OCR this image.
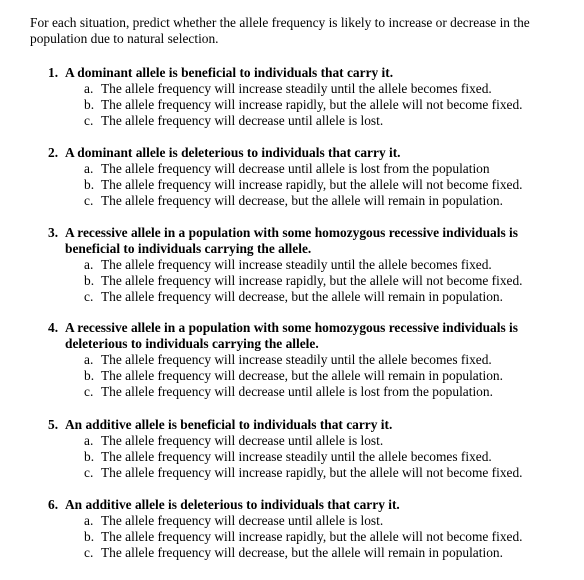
For each situation, predict whether the allele frequency is likely to increase or decrease in the population due to natural selection.
1. A dominant allele is beneficial to individuals that carry it.
a. The allele frequency will increase steadily until the allele becomes fixed.
b. The allele frequency will increase rapidly, but the allele will not become fixed.
c. The allele frequency will decrease until allele is lost.
2. A dominant allele is deleterious to individuals that carry it.
a. The allele frequency will decrease until allele is lost from the population
b. The allele frequency will increase rapidly, but the allele will not become fixed.
c. The allele frequency will decrease, but the allele will remain in population.
3. A recessive allele in a population with some homozygous recessive individuals is beneficial to individuals carrying the allele.
a. The allele frequency will increase steadily until the allele becomes fixed.
b. The allele frequency will increase rapidly, but the allele will not become fixed.
c. The allele frequency will decrease, but the allele will remain in population.
4. A recessive allele in a population with some homozygous recessive individuals is deleterious to individuals carrying the allele.
a. The allele frequency will increase steadily until the allele becomes fixed.
b. The allele frequency will decrease, but the allele will remain in population.
c. The allele frequency will decrease until allele is lost from the population.
5. An additive allele is beneficial to individuals that carry it.
a. The allele frequency will decrease until allele is lost.
b. The allele frequency will increase steadily until the allele becomes fixed.
c. The allele frequency will increase rapidly, but the allele will not become fixed.
6. An additive allele is deleterious to individuals that carry it.
a. The allele frequency will decrease until allele is lost.
b. The allele frequency will increase rapidly, but the allele will not become fixed.
c. The allele frequency will decrease, but the allele will remain in population.
